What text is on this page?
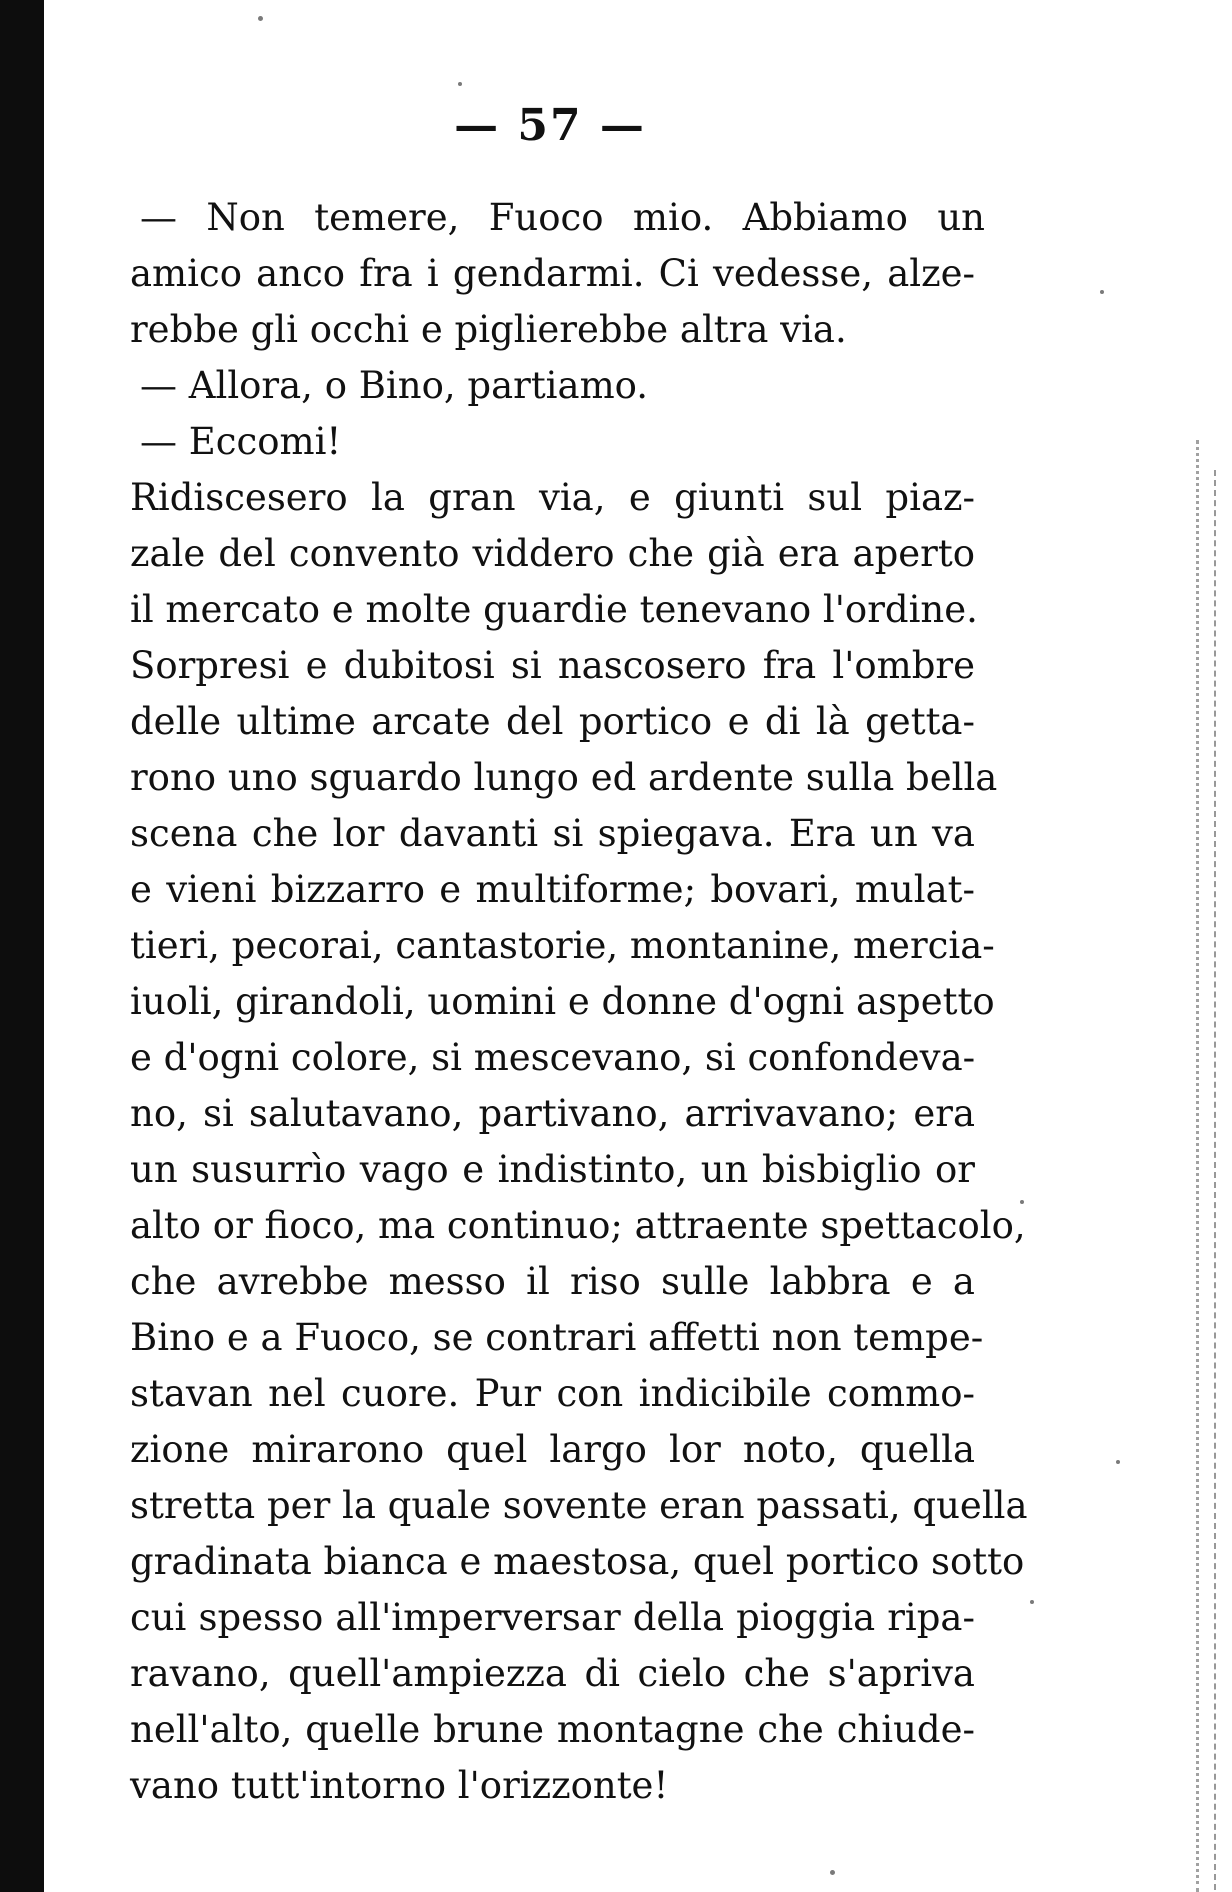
— 57 —
— Non temere, Fuoco mio. Abbiamo un
amico anco fra i gendarmi. Ci vedesse, alze-
rebbe gli occhi e piglierebbe altra via.
— Allora, o Bino, partiamo.
— Eccomi!
Ridiscesero la gran via, e giunti sul piaz-
zale del convento viddero che già era aperto
il mercato e molte guardie tenevano l'ordine.
Sorpresi e dubitosi si nascosero fra l'ombre
delle ultime arcate del portico e di là getta-
rono uno sguardo lungo ed ardente sulla bella
scena che lor davanti si spiegava. Era un va
e vieni bizzarro e multiforme; bovari, mulat-
tieri, pecorai, cantastorie, montanine, mercia-
iuoli, girandoli, uomini e donne d'ogni aspetto
e d'ogni colore, si mescevano, si confondeva-
no, si salutavano, partivano, arrivavano; era
un susurrìo vago e indistinto, un bisbiglio or
alto or fioco, ma continuo; attraente spettacolo,
che avrebbe messo il riso sulle labbra e a
Bino e a Fuoco, se contrari affetti non tempe-
stavan nel cuore. Pur con indicibile commo-
zione mirarono quel largo lor noto, quella
stretta per la quale sovente eran passati, quella
gradinata bianca e maestosa, quel portico sotto
cui spesso all'imperversar della pioggia ripa-
ravano, quell'ampiezza di cielo che s'apriva
nell'alto, quelle brune montagne che chiude-
vano tutt'intorno l'orizzonte!
